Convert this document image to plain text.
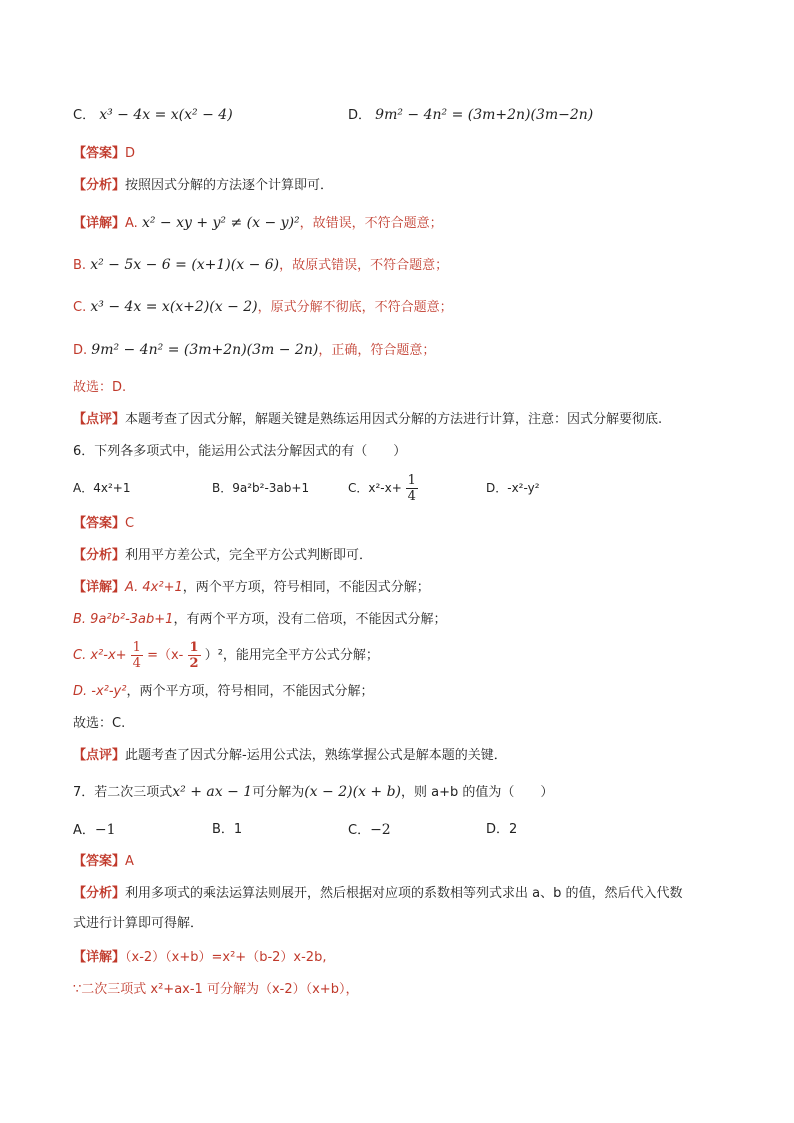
C． x³ − 4x = x(x² − 4)	D． 9m² − 4n² = (3m+2n)(3m−2n)
【答案】D
【分析】按照因式分解的方法逐个计算即可．
【详解】A. x² − xy + y² ≠ (x − y)²，故错误，不符合题意；
B. x² − 5x − 6 = (x+1)(x − 6)，故原式错误，不符合题意；
C. x³ − 4x = x(x+2)(x − 2)，原式分解不彻底，不符合题意；
D. 9m² − 4n² = (3m+2n)(3m − 2n)，正确，符合题意；
故选：D.
【点评】本题考查了因式分解，解题关键是熟练运用因式分解的方法进行计算，注意：因式分解要彻底.
6．下列各多项式中，能运用公式法分解因式的有（　　）
A．4x²+1	B．9a²b²-3ab+1	C．$x^2-x+ \frac{1}{4}$	D．-x²-y²
【答案】C
【分析】利用平方差公式，完全平方公式判断即可．
【详解】A. 4x²+1，两个平方项，符号相同，不能因式分解；
B. 9a²b²-3ab+1，有两个平方项，没有二倍项，不能因式分解；
C. $x^2-x+ \frac{1}{4} =(x- \frac{1}{2} )^2$，能用完全平方公式分解；
D. -x²-y²，两个平方项，符号相同，不能因式分解；
故选：C.
【点评】此题考查了因式分解-运用公式法，熟练掌握公式是解本题的关键．
7．若二次三项式x² + ax − 1可分解为(x − 2)(x + b)，则 a+b 的值为（　　）
A．−1	B．1	C．−2	D．2
【答案】A
【分析】利用多项式的乘法运算法则展开，然后根据对应项的系数相等列式求出 a、b 的值，然后代入代数
式进行计算即可得解．
【详解】（x-2）（x+b）=x²+（b-2）x-2b,
∵二次三项式 x²+ax-1 可分解为（x-2）（x+b），
